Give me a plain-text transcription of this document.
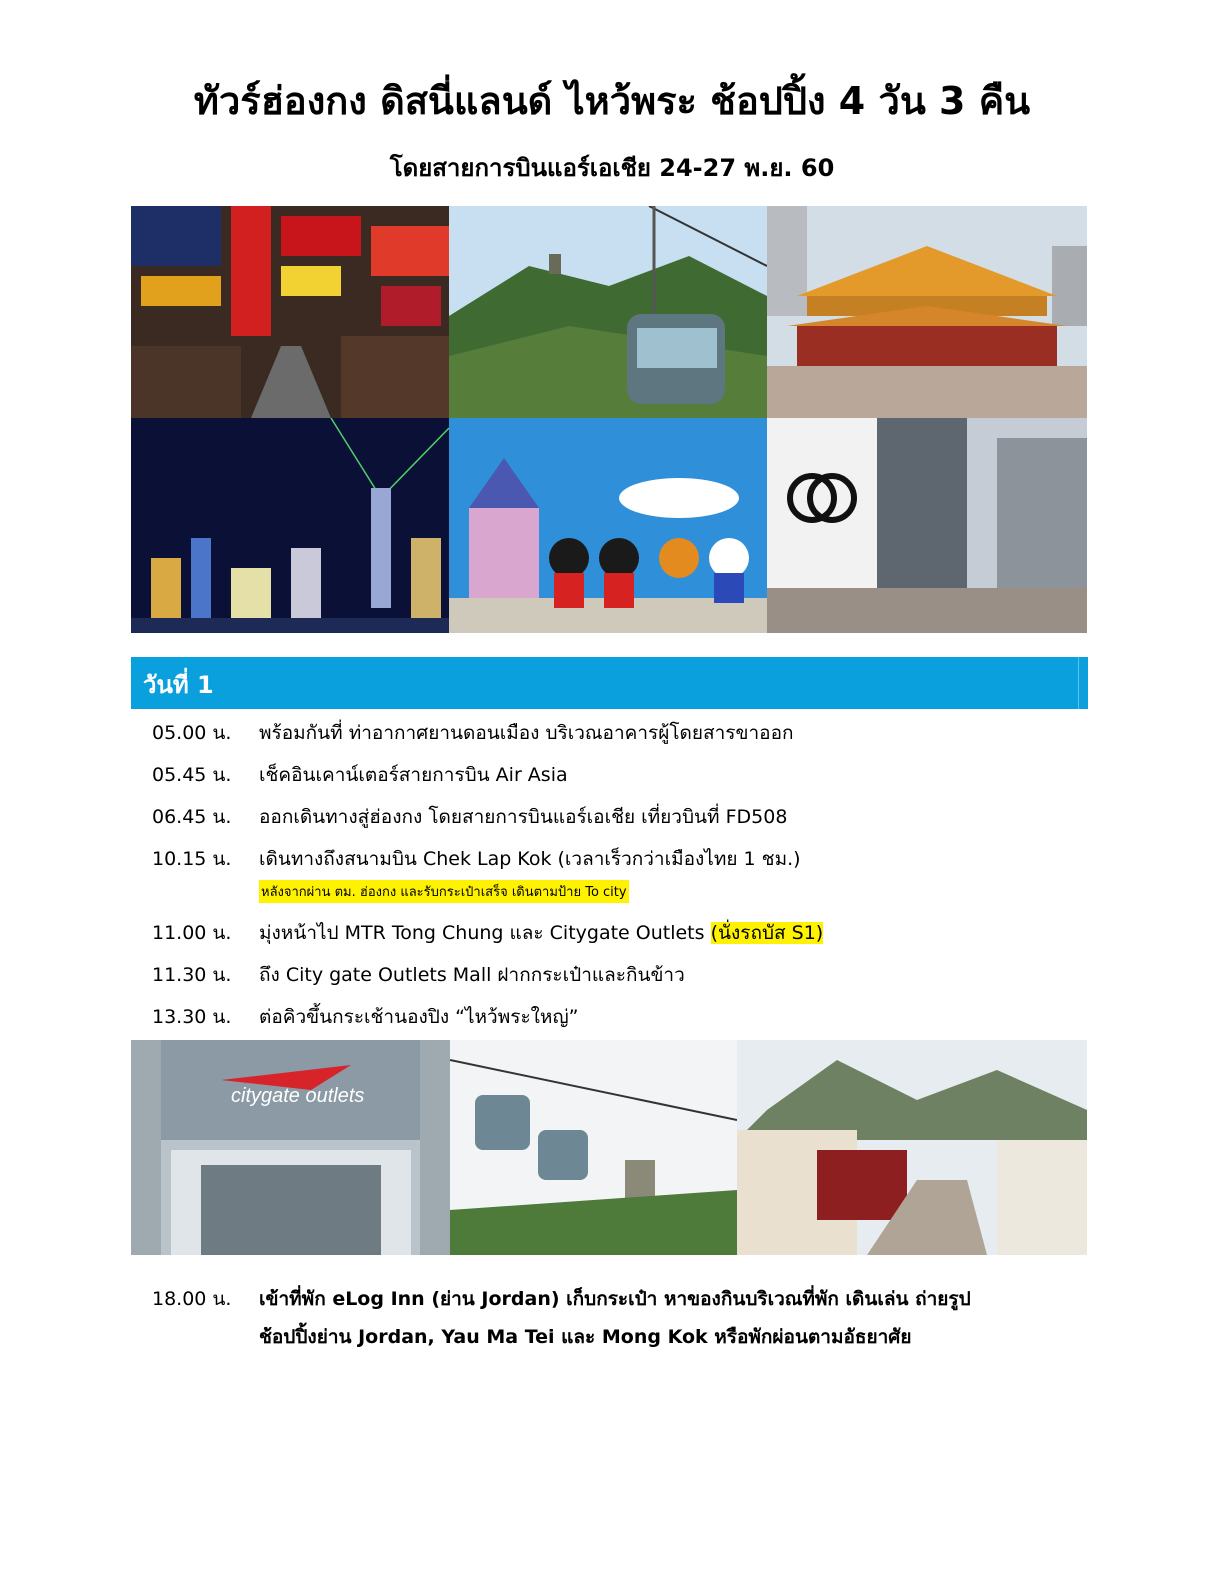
ทัวร์ฮ่องกง ดิสนี่แลนด์ ไหว้พระ ช้อปปิ้ง 4 วัน 3 คืน
โดยสายการบินแอร์เอเชีย 24-27 พ.ย. 60
วันที่ 1
05.00 น.	พร้อมกันที่ ท่าอากาศยานดอนเมือง บริเวณอาคารผู้โดยสารขาออก
05.45 น.	เช็คอินเคาน์เตอร์สายการบิน Air Asia
06.45 น.	ออกเดินทางสู่ฮ่องกง โดยสายการบินแอร์เอเชีย เที่ยวบินที่ FD508
10.15 น.	เดินทางถึงสนามบิน Chek Lap Kok (เวลาเร็วกว่าเมืองไทย 1 ชม.)
หลังจากผ่าน ตม. ฮ่องกง และรับกระเป๋าเสร็จ เดินตามป้าย To city
11.00 น.	มุ่งหน้าไป MTR Tong Chung และ Citygate Outlets (นั่งรถบัส S1)
11.30 น.	ถึง City gate Outlets Mall ฝากกระเป๋าและกินข้าว
13.30 น.	ต่อคิวขึ้นกระเช้านองปิง “ไหว้พระใหญ่”
citygate outlets
18.00 น.	เข้าที่พัก eLog Inn (ย่าน Jordan) เก็บกระเป๋า หาของกินบริเวณที่พัก เดินเล่น ถ่ายรูป
ช้อปปิ้งย่าน Jordan, Yau Ma Tei และ Mong Kok หรือพักผ่อนตามอัธยาศัย
